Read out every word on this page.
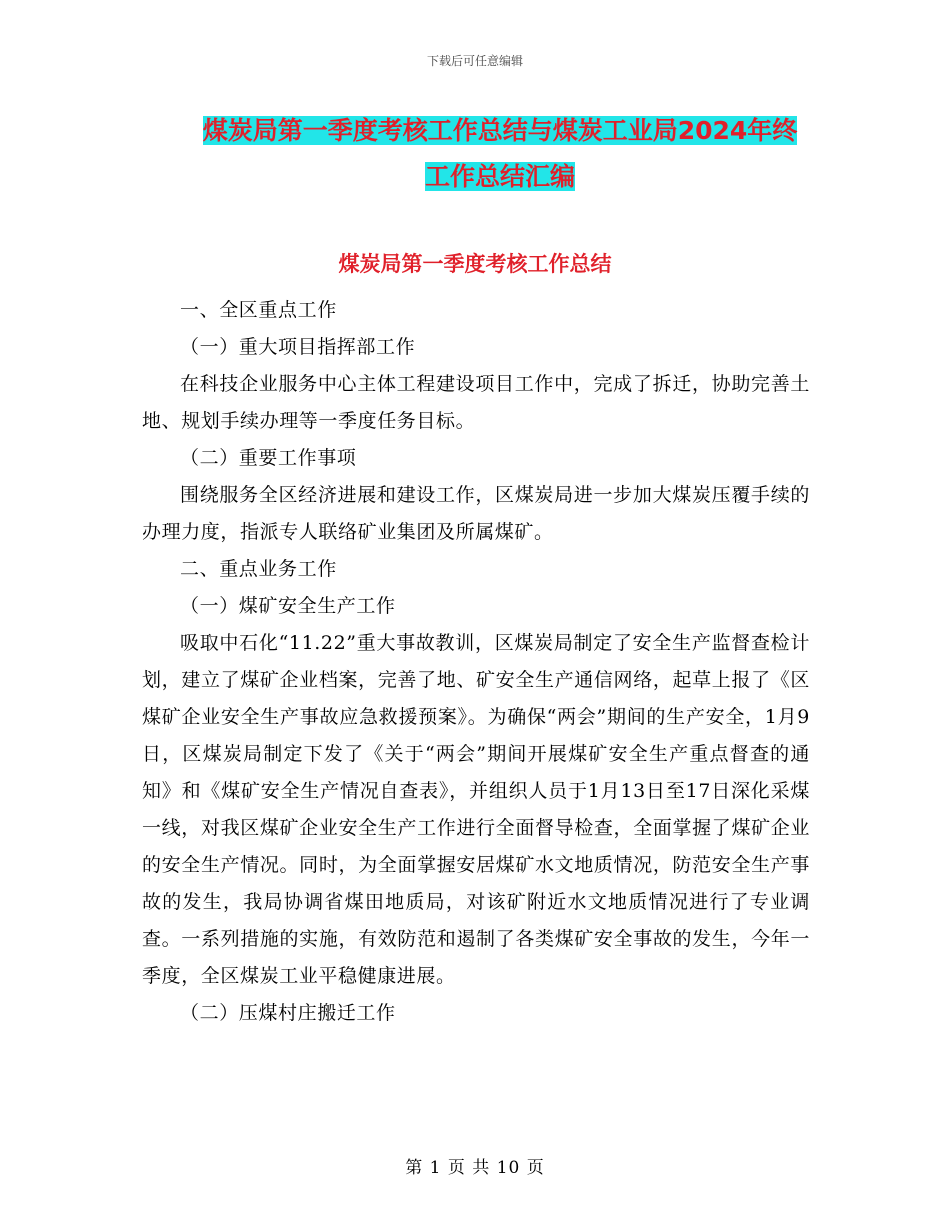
下载后可任意编辑
煤炭局第一季度考核工作总结与煤炭工业局2024年终
工作总结汇编
煤炭局第一季度考核工作总结

一、全区重点工作

（一）重大项目指挥部工作

在科技企业服务中心主体工程建设项目工作中，完成了拆迁，协助完善土地、规划手续办理等一季度任务目标。

（二）重要工作事项

围绕服务全区经济进展和建设工作，区煤炭局进一步加大煤炭压覆手续的办理力度，指派专人联络矿业集团及所属煤矿。

二、重点业务工作

（一）煤矿安全生产工作

吸取中石化“11.22”重大事故教训，区煤炭局制定了安全生产监督查检计划，建立了煤矿企业档案，完善了地、矿安全生产通信网络，起草上报了《区煤矿企业安全生产事故应急救援预案》。为确保“两会”期间的生产安全，1月9日，区煤炭局制定下发了《关于“两会”期间开展煤矿安全生产重点督查的通知》和《煤矿安全生产情况自查表》，并组织人员于1月13日至17日深化采煤一线，对我区煤矿企业安全生产工作进行全面督导检查，全面掌握了煤矿企业的安全生产情况。同时，为全面掌握安居煤矿水文地质情况，防范安全生产事故的发生，我局协调省煤田地质局，对该矿附近水文地质情况进行了专业调查。一系列措施的实施，有效防范和遏制了各类煤矿安全事故的发生，今年一季度，全区煤炭工业平稳健康进展。

（二）压煤村庄搬迁工作

第 1 页 共 10 页
